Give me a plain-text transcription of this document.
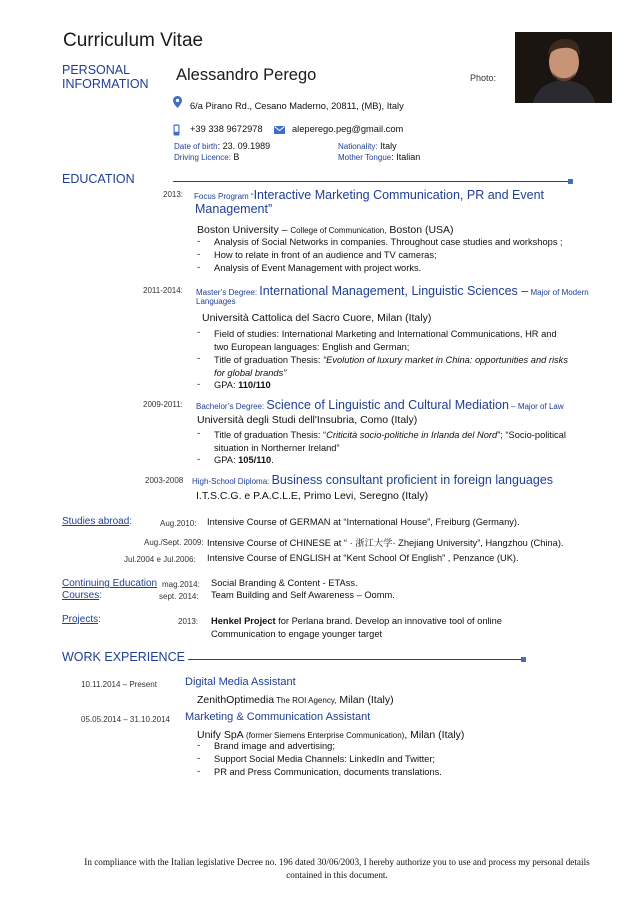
Curriculum Vitae
PERSONAL
INFORMATION Alessandro Perego	Photo:
6/a Pirano Rd., Cesano Maderno, 20811, (MB), Italy
+39 338 9672978	aleperego.peg@gmail.com
Date of birth: 23. 09.1989	Nationality: Italy
Driving Licence: B	Mother Tongue: Italian
EDUCATION
2013: Focus Program “Interactive Marketing Communication, PR and Event
Management”
Boston University – College of Communication, Boston (USA)
- Analysis of Social Networks in companies. Throughout case studies and workshops ;
- How to relate in front of an audience and TV cameras;
- Analysis of Event Management with project works.
2011-2014: Master’s Degree: International Management, Linguistic Sciences – Major of Modern
Languages
Università Cattolica del Sacro Cuore, Milan (Italy)
- Field of studies: International Marketing and International Communications, HR and
two European languages: English and German;
- Title of graduation Thesis: “Evolution of luxury market in China: opportunities and risks
for global brands”
- GPA: 110/110
2009-2011: Bachelor’s Degree: Science of Linguistic and Cultural Mediation – Major of Law
Università degli Studi dell'Insubria, Como (Italy)
- Title of graduation Thesis: “Criticità socio-politiche in Irlanda del Nord”; “Socio-political
situation in Northerner Ireland”
- GPA: 105/110.
2003-2008 High-School Diploma: Business consultant proficient in foreign languages
I.T.S.C.G. e P.A.C.L.E, Primo Levi, Seregno (Italy)
Studies abroad:	Aug.2010: Intensive Course of GERMAN at “International House”, Freiburg (Germany).
Aug./Sept. 2009: Intensive Course of CHINESE at “ · 浙江大学· Zhejiang University”, Hangzhou (China).
Jul.2004 e Jul.2006: Intensive Course of ENGLISH at “Kent School Of English” , Penzance (UK).
Continuing Education
Courses:
mag.2014: Social Branding & Content - ETAss.
sept. 2014: Team Building and Self Awareness – Oomm.
Projects:	2013: Henkel Project for Perlana brand. Develop an innovative tool of online
Communication to engage younger target
WORK EXPERIENCE
10.11.2014 – Present	Digital Media Assistant
ZenithOptimedia The ROI Agency, Milan (Italy)
05.05.2014 – 31.10.2014 Marketing & Communication Assistant
Unify SpA (former Siemens Enterprise Communication), Milan (Italy)
- Brand image and advertising;
- Support Social Media Channels: LinkedIn and Twitter;
- PR and Press Communication, documents translations.
In compliance with the Italian legislative Decree no. 196 dated 30/06/2003, I hereby authorize you to use and process my personal details
contained in this document.
